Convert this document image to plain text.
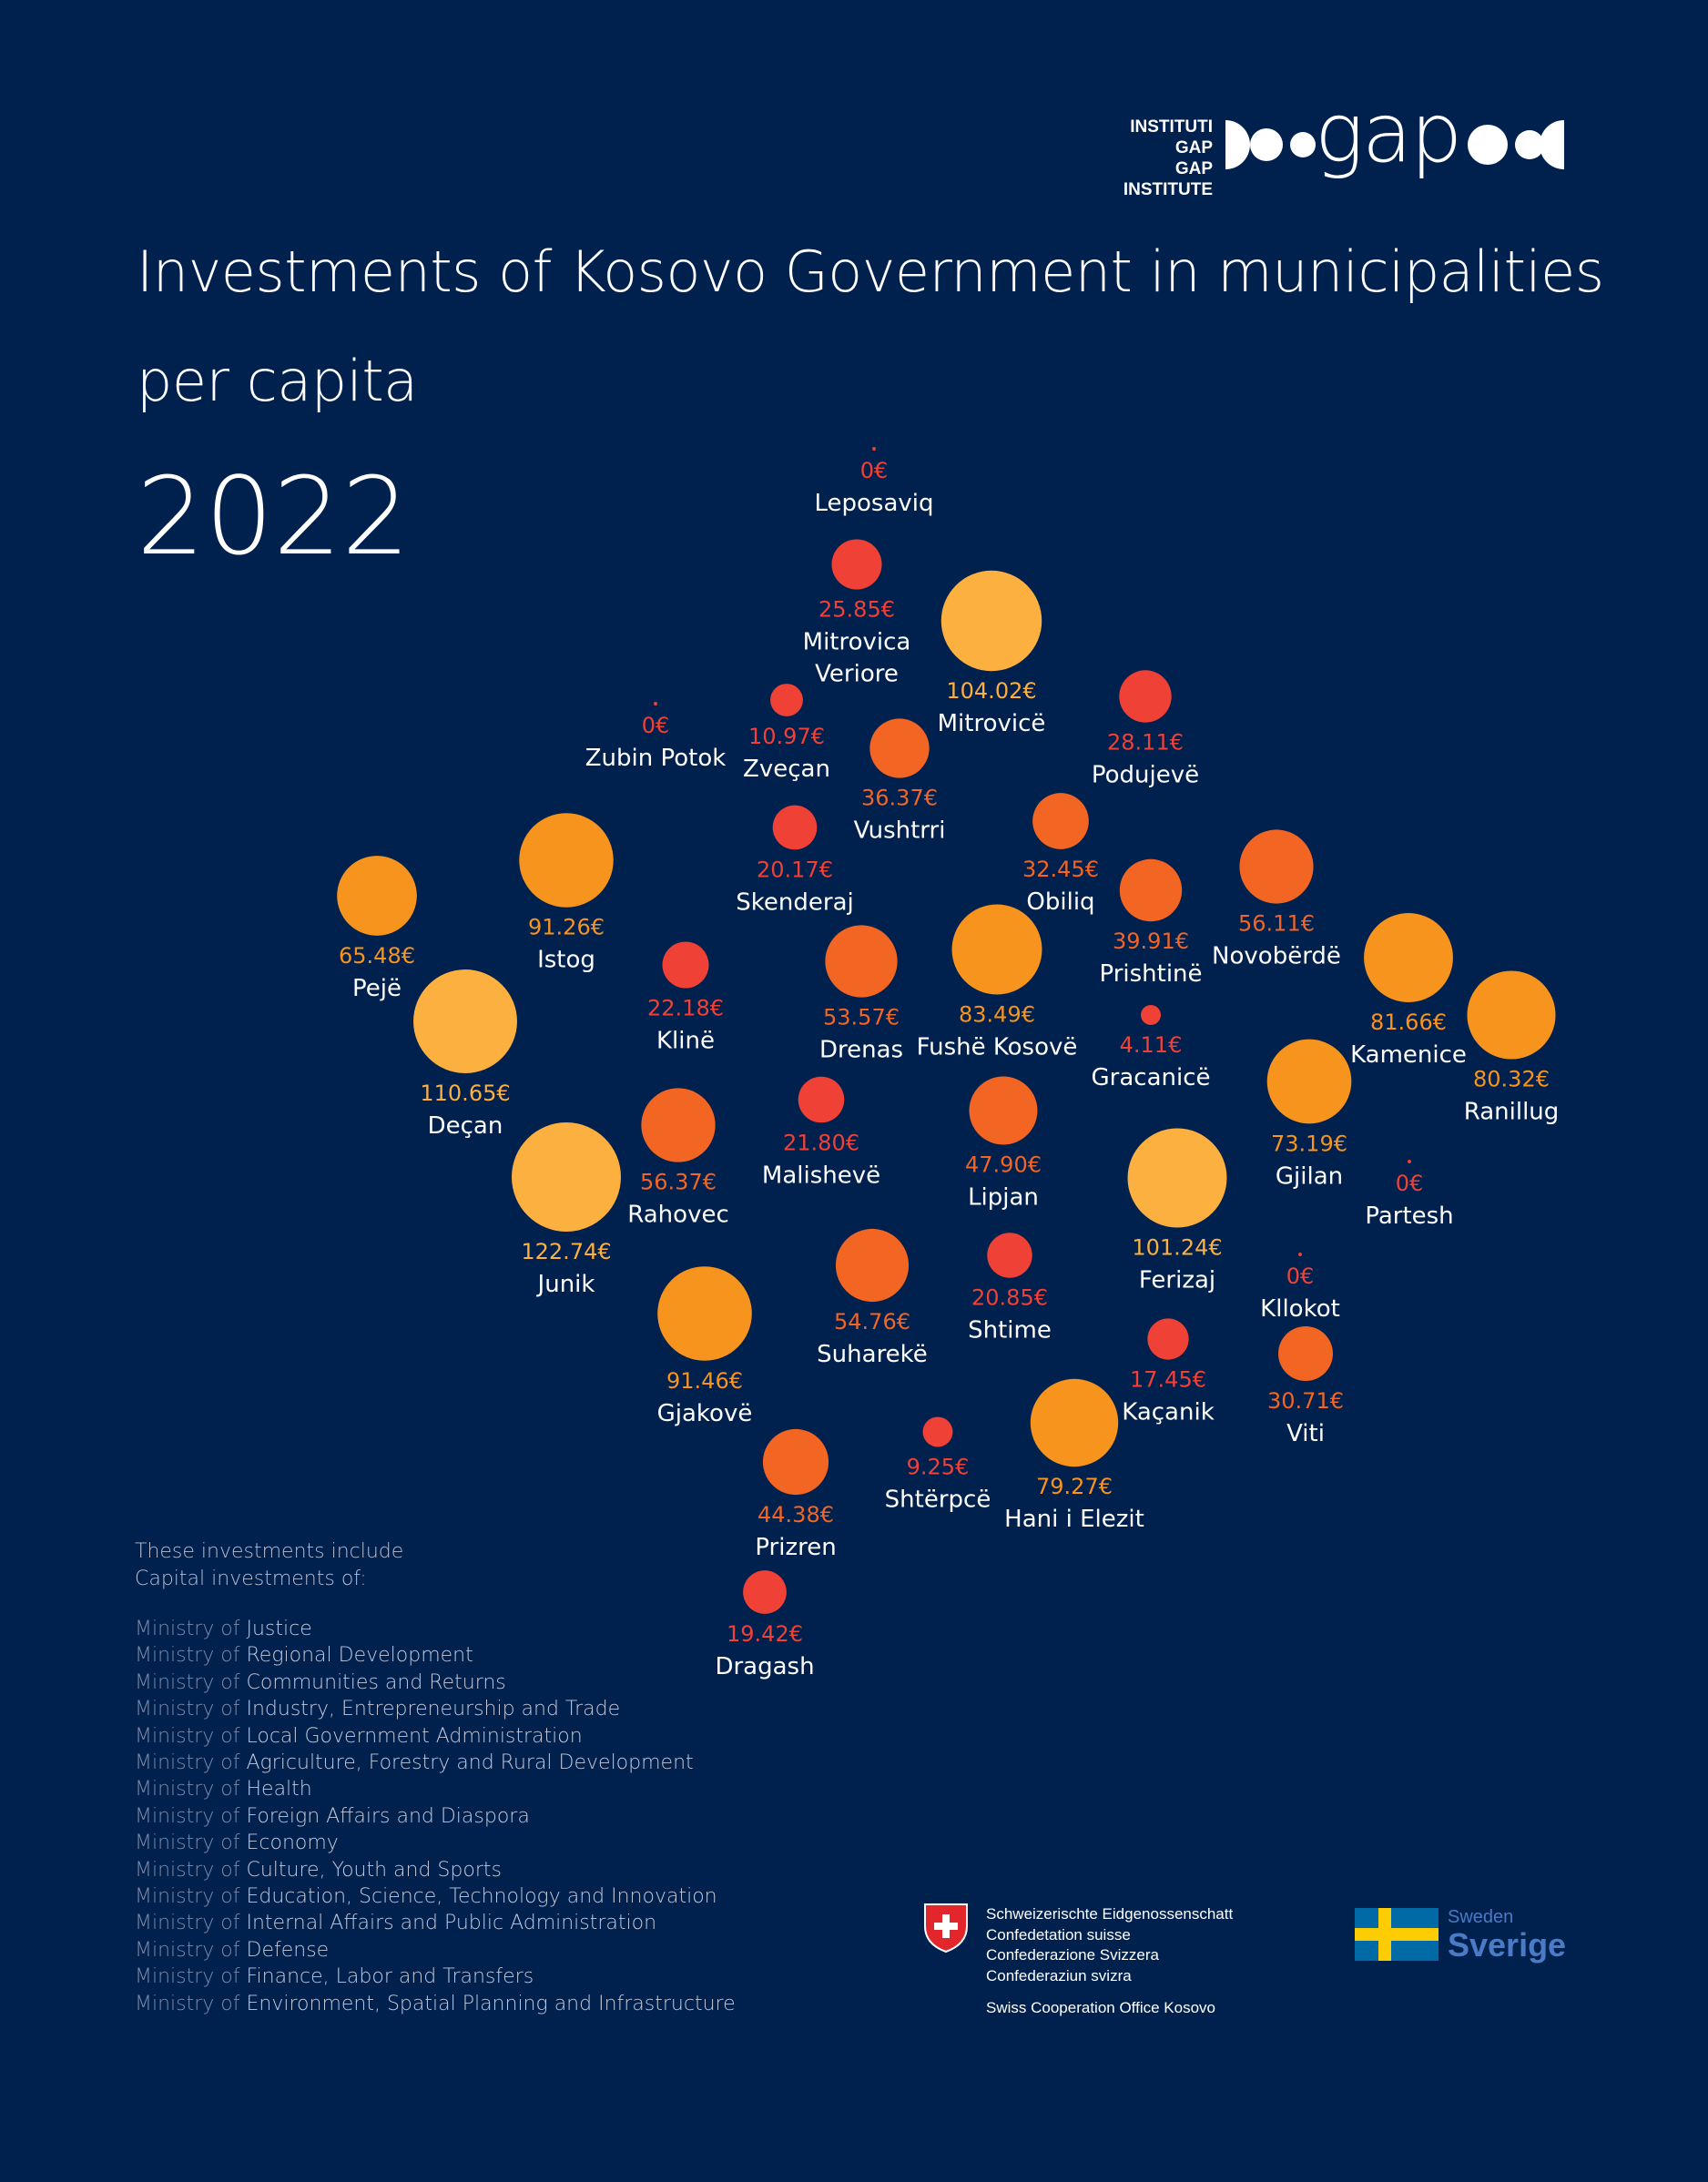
INSTITUTI GAP
GAP INSTITUTE
gap
Investments of Kosovo Government in municipalities
per capita
2022	0€
Leposaviq
25.85€
Mitrovica
Veriore
104.02€
Mitrovicë
0€
Zubin Potok
10.97€
Zveçan
36.37€
Vushtrri
28.11€
Podujevë
20.17€
Skenderaj
32.45€
Obiliq
91.26€
Istog
65.48€
Pejë
39.91€
Prishtinë
56.11€
Novobërdë
22.18€
Klinë
53.57€
Drenas
83.49€
Fushë Kosovë
81.66€
Kamenice
80.32€
Ranillug
110.65€
Deçan
4.11€
Gracanicë
73.19€
Gjilan
21.80€
Malishevë
56.37€
Rahovec
47.90€
Lipjan
0€
Partesh
122.74€
Junik
101.24€
Ferizaj
54.76€
Suharekë
20.85€
Shtime
0€
Kllokot
91.46€
Gjakovë
17.45€
Kaçanik 30.71€
Viti
9.25€
Shtërpcë
44.38€
Prizren
79.27€
Hani i Elezit
19.42€
Dragash
These investments include
Capital investments of:
Ministry of Justice
Ministry of Regional Development
Ministry of Communities and Returns
Ministry of Industry, Entrepreneurship and Trade
Ministry of Local Government Administration
Ministry of Agriculture, Forestry and Rural Development
Ministry of Health
Ministry of Foreign Affairs and Diaspora
Ministry of Economy
Ministry of Culture, Youth and Sports
Ministry of Education, Science, Technology and Innovation
Ministry of Internal Affairs and Public Administration
Ministry of Defense
Ministry of Finance, Labor and Transfers
Ministry of Environment, Spatial Planning and Infrastructure
Schweizerischte Eidgenossenschatt
Confedetation suisse
Confederazione Svizzera
Confederaziun svizra
Swiss Cooperation Office Kosovo
Sweden
Sverige
